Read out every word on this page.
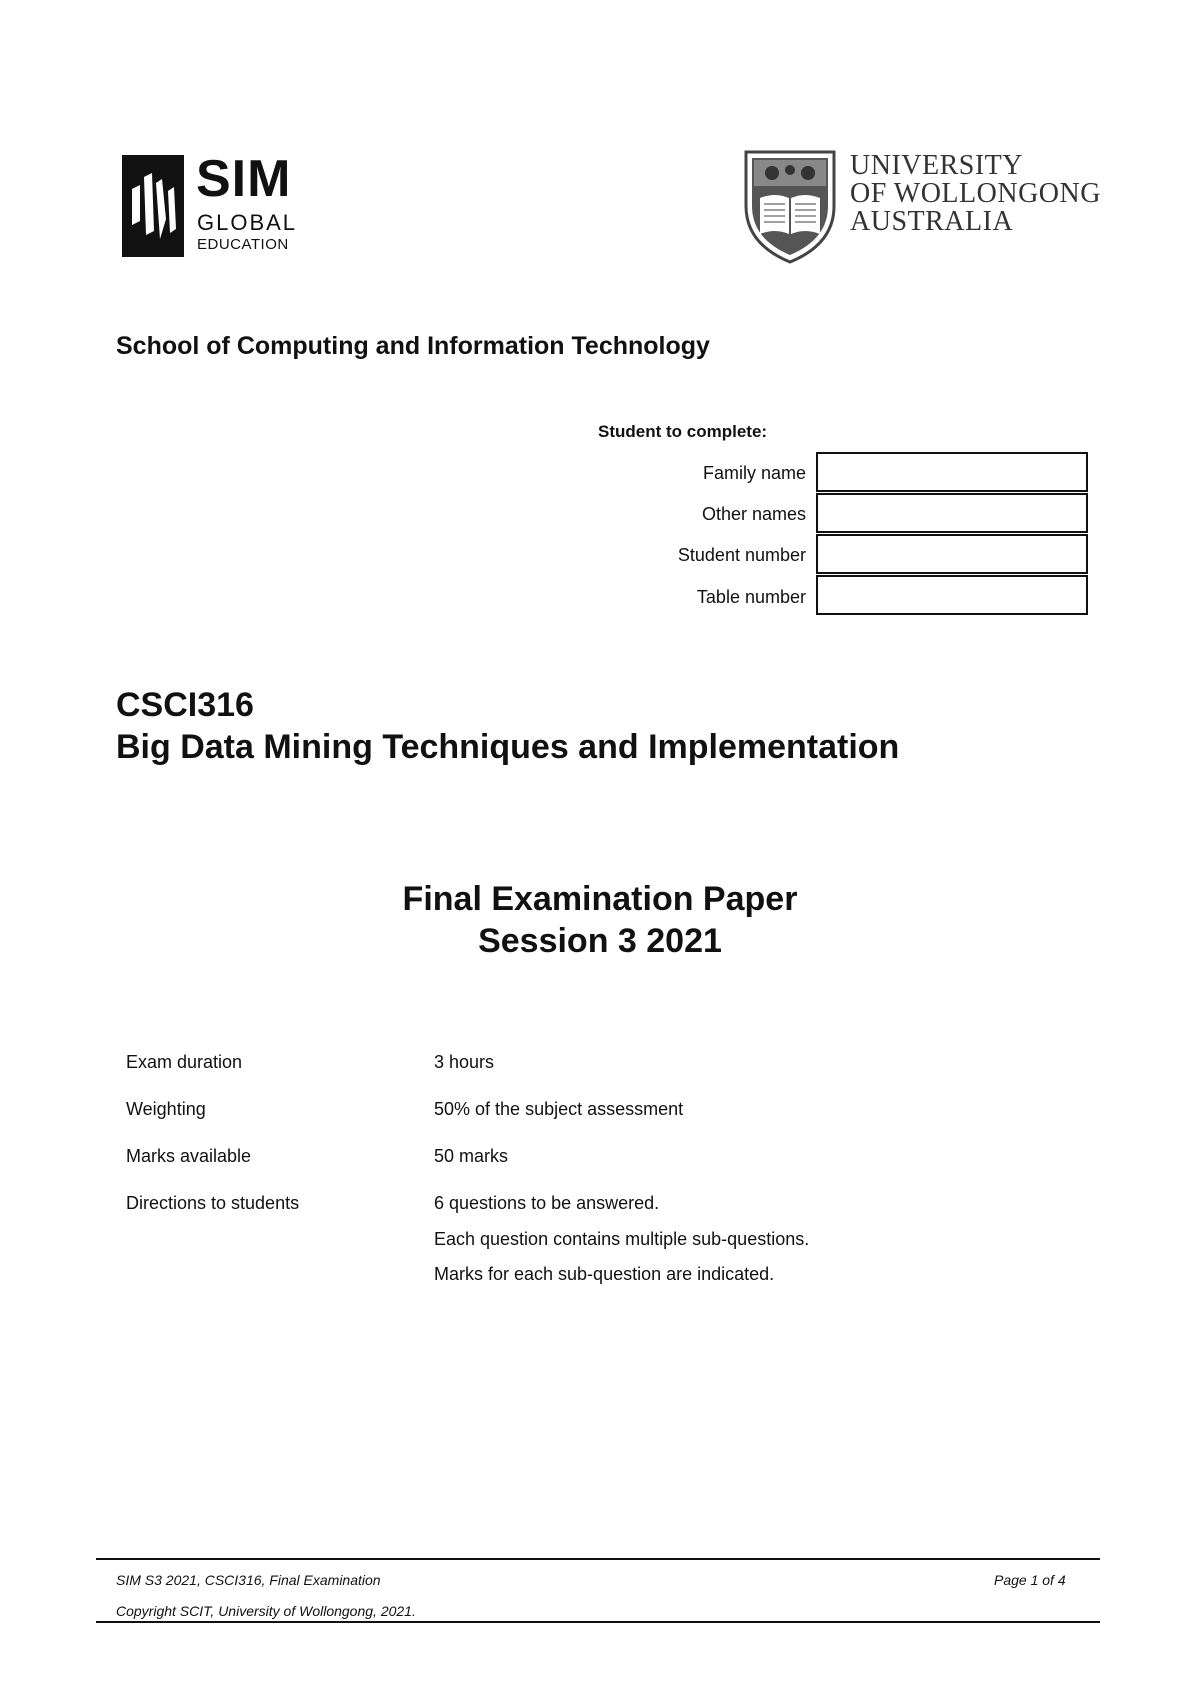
SIM
GLOBAL
EDUCATION
UNIVERSITY
OF WOLLONGONG
AUSTRALIA
School of Computing and Information Technology
Student to complete:
Family name
Other names
Student number
Table number
CSCI316
Big Data Mining Techniques and Implementation
Final Examination Paper
Session 3 2021
Exam duration	3 hours
Weighting	50% of the subject assessment
Marks available	50 marks
Directions to students	6 questions to be answered.
Each question contains multiple sub-questions.
Marks for each sub-question are indicated.
SIM S3 2021, CSCI316, Final Examination	Page 1 of 4
Copyright SCIT, University of Wollongong, 2021.
